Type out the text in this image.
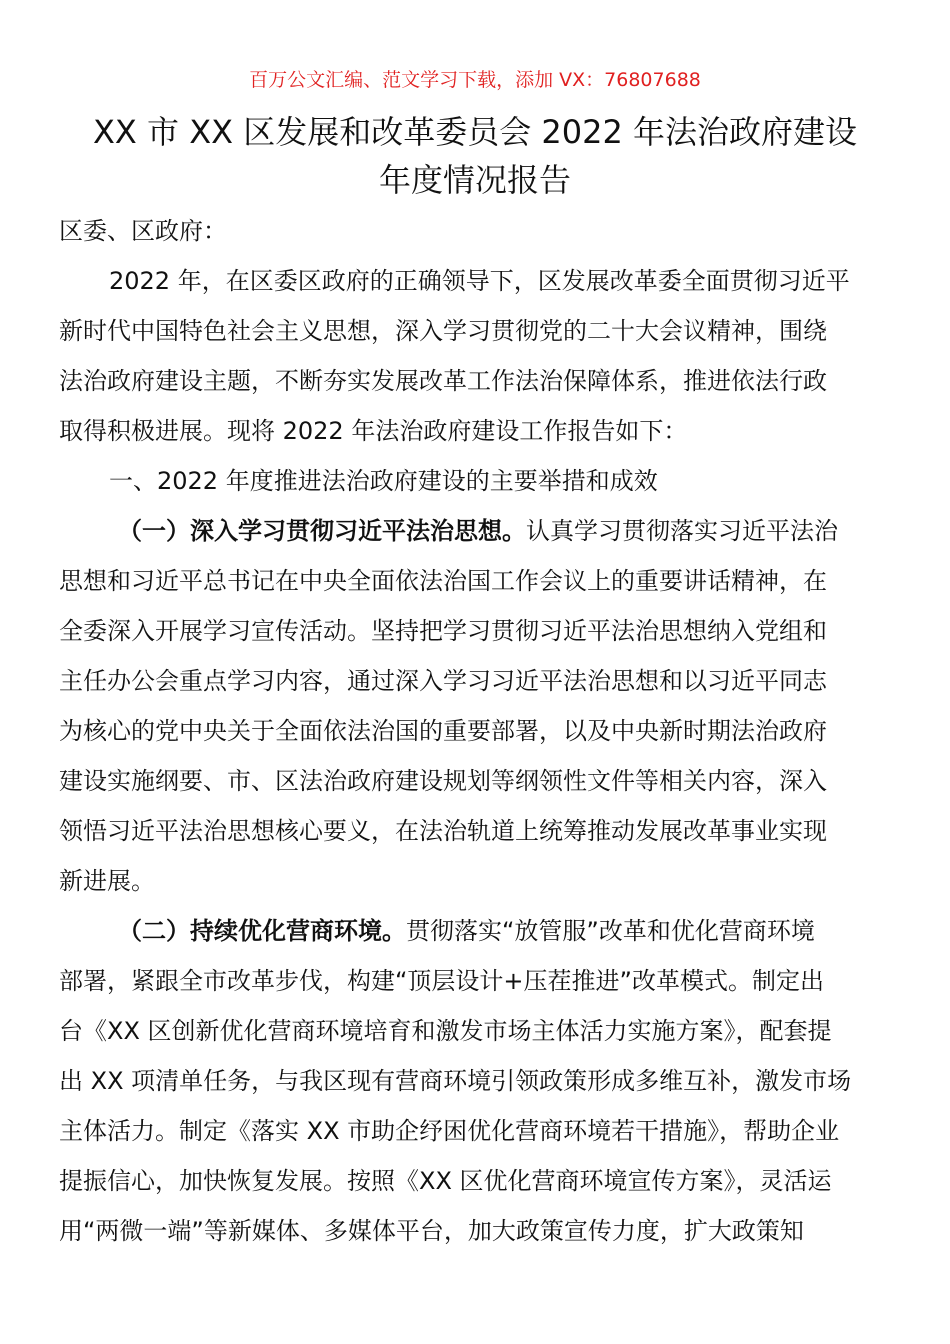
百万公文汇编、范文学习下载，添加 VX：76807688
XX 市 XX 区发展和改革委员会 2022 年法治政府建设
年度情况报告
区委、区政府：
2022 年，在区委区政府的正确领导下，区发展改革委全面贯彻习近平
新时代中国特色社会主义思想，深入学习贯彻党的二十大会议精神，围绕
法治政府建设主题，不断夯实发展改革工作法治保障体系，推进依法行政
取得积极进展。现将 2022 年法治政府建设工作报告如下：
一、2022 年度推进法治政府建设的主要举措和成效
（一）深入学习贯彻习近平法治思想。认真学习贯彻落实习近平法治
思想和习近平总书记在中央全面依法治国工作会议上的重要讲话精神，在
全委深入开展学习宣传活动。坚持把学习贯彻习近平法治思想纳入党组和
主任办公会重点学习内容，通过深入学习习近平法治思想和以习近平同志
为核心的党中央关于全面依法治国的重要部署，以及中央新时期法治政府
建设实施纲要、市、区法治政府建设规划等纲领性文件等相关内容，深入
领悟习近平法治思想核心要义，在法治轨道上统筹推动发展改革事业实现
新进展。
（二）持续优化营商环境。贯彻落实“放管服”改革和优化营商环境
部署，紧跟全市改革步伐，构建“顶层设计+压茬推进”改革模式。制定出
台《XX 区创新优化营商环境培育和激发市场主体活力实施方案》，配套提
出 XX 项清单任务，与我区现有营商环境引领政策形成多维互补，激发市场
主体活力。制定《落实 XX 市助企纾困优化营商环境若干措施》，帮助企业
提振信心，加快恢复发展。按照《XX 区优化营商环境宣传方案》，灵活运
用“两微一端”等新媒体、多媒体平台，加大政策宣传力度，扩大政策知
